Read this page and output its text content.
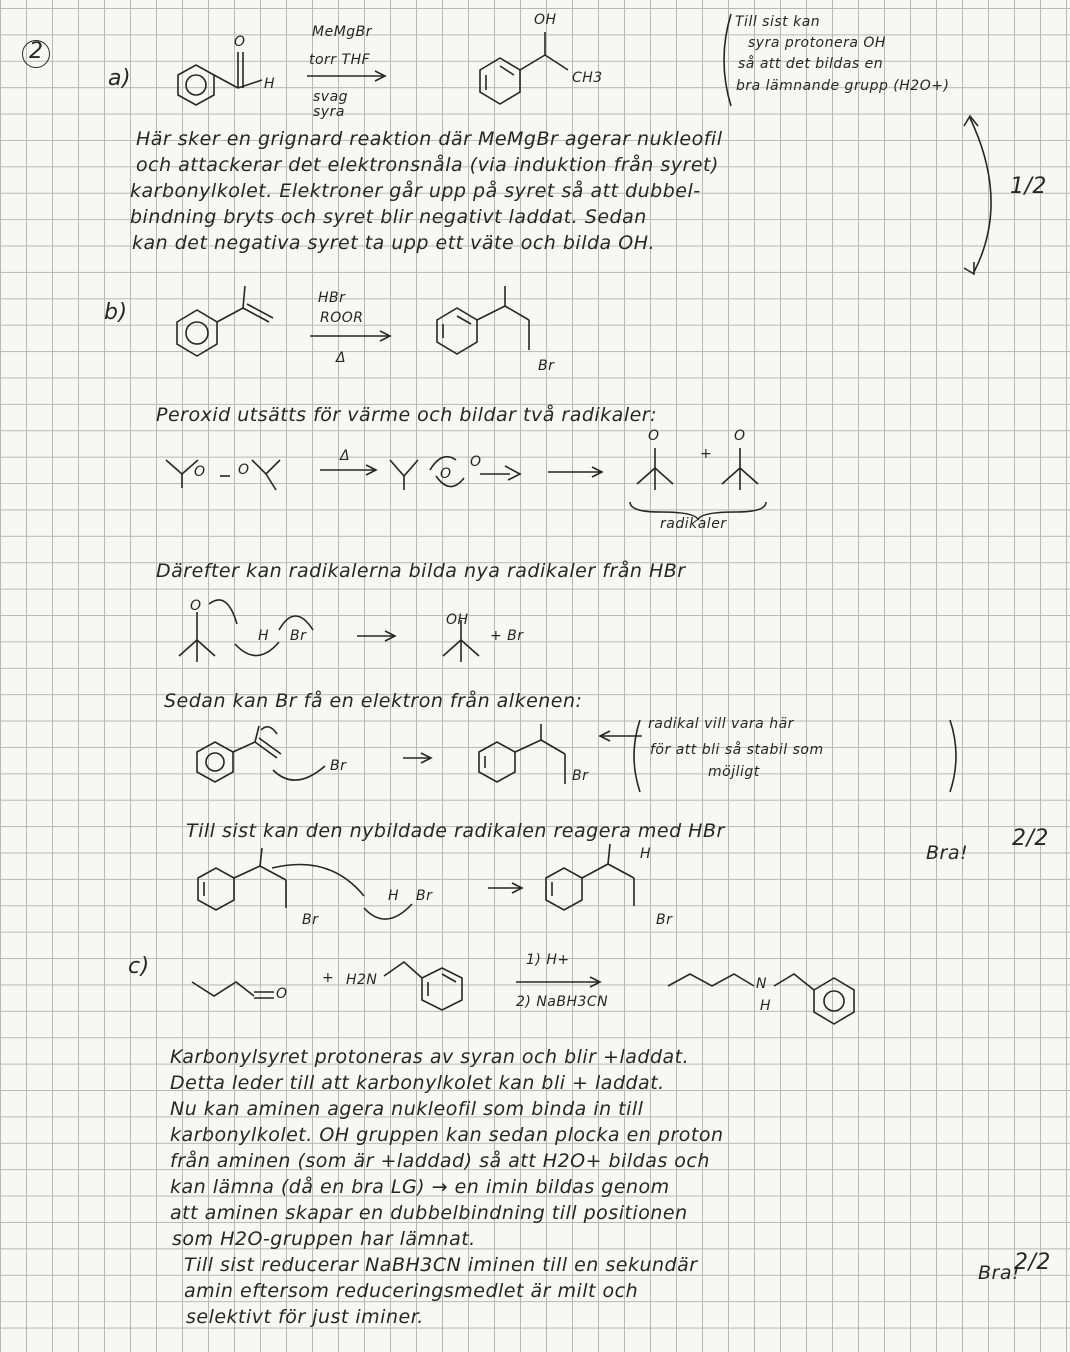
2
a)
O
H
MeMgBr
torr THF
svag syra
OH
CH3
Till sist kan
syra protonera OH
så att det bildas en
bra lämnande grupp (H2O+)
Här sker en grignard reaktion där MeMgBr agerar nukleofil
och attackerar det elektronsnåla (via induktion från syret)
karbonylkolet. Elektroner går upp på syret så att dubbel-
bindning bryts och syret blir negativt laddat. Sedan
kan det negativa syret ta upp ett väte och bilda OH.
1/2
b)
HBr
ROOR
Δ	Br
Peroxid utsätts för värme och bildar två radikaler:
O O
Δ
O
O
O
+
O
radikaler
Därefter kan radikalerna bilda nya radikaler från HBr
O
H Br
OH
+ Br
Sedan kan Br få en elektron från alkenen:
Br
Br
radikal vill vara här
för att bli så stabil som
möjligt
Till sist kan den nybildade radikalen reagera med HBr
Br
H Br
H
Br
Bra!
2/2
c)
O
+ H2N
1) H+
2) NaBH3CN
N
H
Karbonylsyret protoneras av syran och blir +laddat.
Detta leder till att karbonylkolet kan bli + laddat.
Nu kan aminen agera nukleofil som binda in till
karbonylkolet. OH gruppen kan sedan plocka en proton
från aminen (som är +laddad) så att H2O+ bildas och
kan lämna (då en bra LG) → en imin bildas genom
att aminen skapar en dubbelbindning till positionen
som H2O-gruppen har lämnat.
Till sist reducerar NaBH3CN iminen till en sekundär
amin eftersom reduceringsmedlet är milt och
selektivt för just iminer.
Bra!
2/2
